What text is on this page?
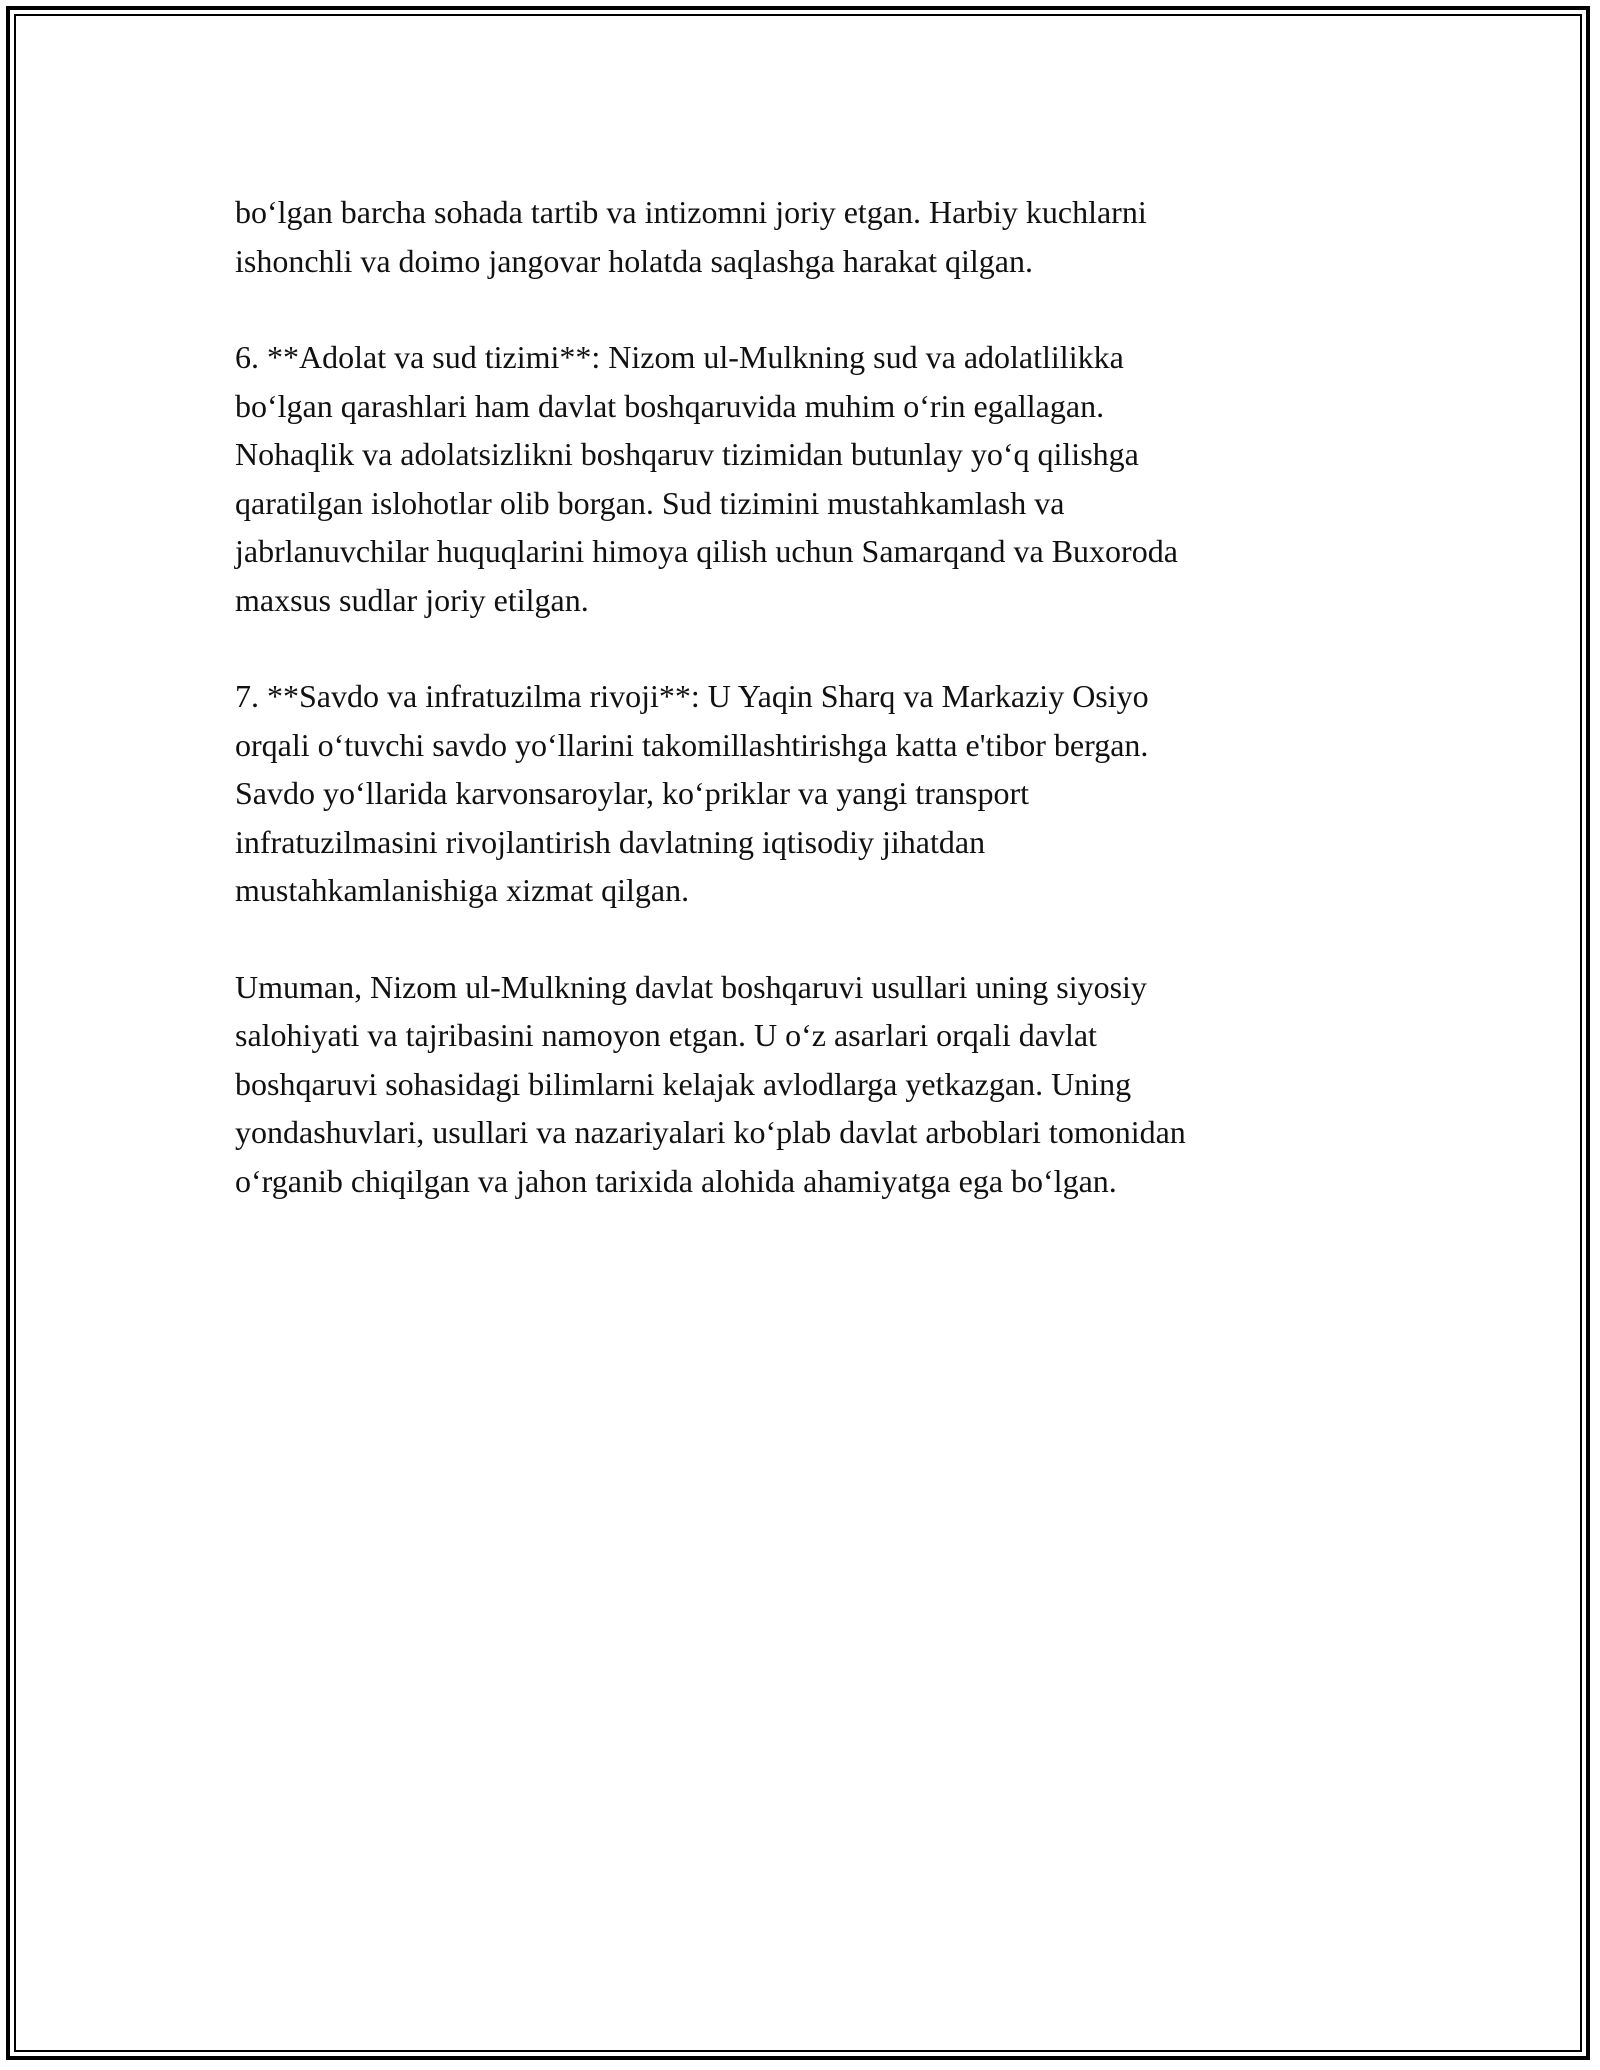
bo‘lgan barcha sohada tartib va intizomni joriy etgan. Harbiy kuchlarni
ishonchli va doimo jangovar holatda saqlashga harakat qilgan.

6. **Adolat va sud tizimi**: Nizom ul-Mulkning sud va adolatlilikka
bo‘lgan qarashlari ham davlat boshqaruvida muhim o‘rin egallagan.
Nohaqlik va adolatsizlikni boshqaruv tizimidan butunlay yo‘q qilishga
qaratilgan islohotlar olib borgan. Sud tizimini mustahkamlash va
jabrlanuvchilar huquqlarini himoya qilish uchun Samarqand va Buxoroda
maxsus sudlar joriy etilgan.

7. **Savdo va infratuzilma rivoji**: U Yaqin Sharq va Markaziy Osiyo
orqali o‘tuvchi savdo yo‘llarini takomillashtirishga katta e'tibor bergan.
Savdo yo‘llarida karvonsaroylar, ko‘priklar va yangi transport
infratuzilmasini rivojlantirish davlatning iqtisodiy jihatdan
mustahkamlanishiga xizmat qilgan.

Umuman, Nizom ul-Mulkning davlat boshqaruvi usullari uning siyosiy
salohiyati va tajribasini namoyon etgan. U o‘z asarlari orqali davlat
boshqaruvi sohasidagi bilimlarni kelajak avlodlarga yetkazgan. Uning
yondashuvlari, usullari va nazariyalari ko‘plab davlat arboblari tomonidan
o‘rganib chiqilgan va jahon tarixida alohida ahamiyatga ega bo‘lgan.
